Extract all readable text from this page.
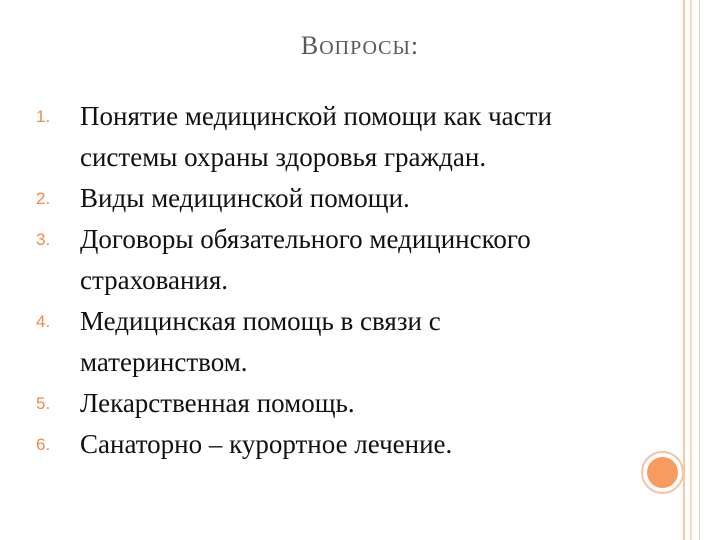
ВОПРОСЫ:
1. Понятие медицинской помощи как части
системы охраны здоровья граждан.
2. Виды медицинской помощи.
3. Договоры обязательного медицинского
страхования.
4. Медицинская помощь в связи с
материнством.
5. Лекарственная помощь.
6. Санаторно – курортное лечение.
